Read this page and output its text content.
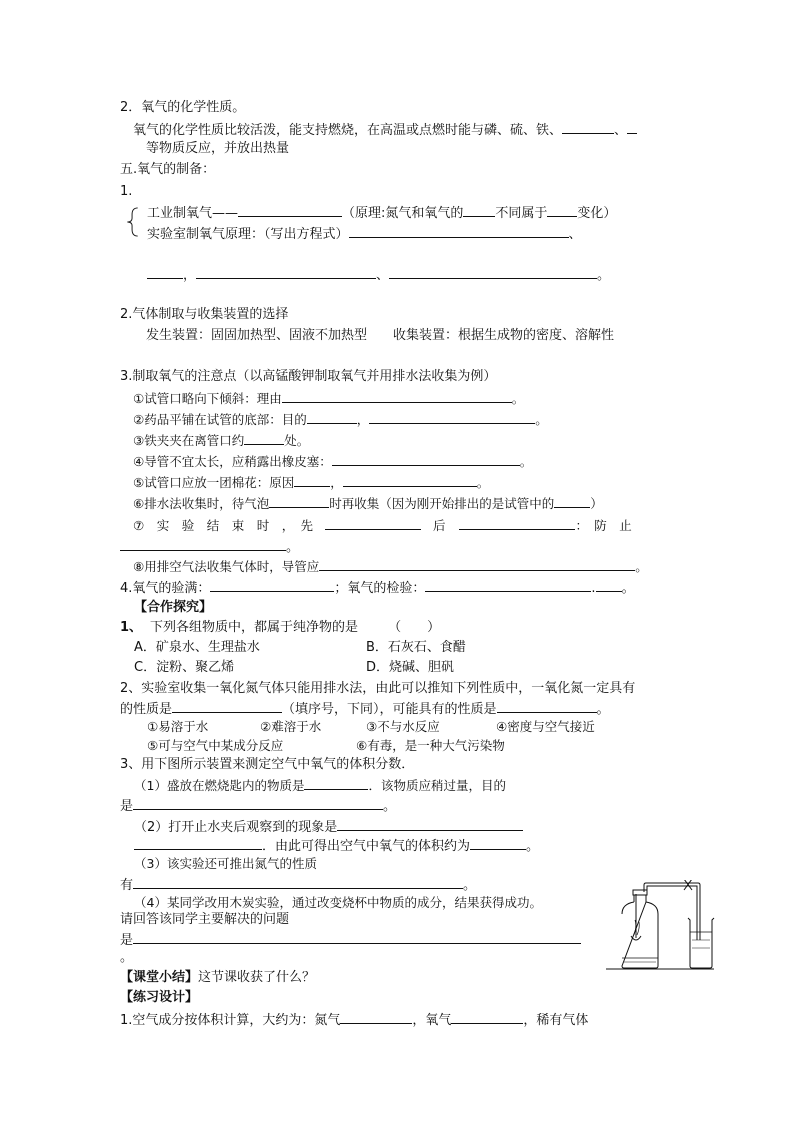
2．氧气的化学性质。
氧气的化学性质比较活泼，能支持燃烧，在高温或点燃时能与磷、硫、铁、	、
等物质反应，并放出热量
五.氧气的制备：
1.
工业制氧气——	（原理:氮气和氧气的 不同属于 变化）
实验室制氧气原理：（写出方程式）	、
，	、	。
2.气体制取与收集装置的选择
发生装置：固固加热型、固液不加热型　　收集装置：根据生成物的密度、溶解性
3.制取氧气的注意点（以高锰酸钾制取氧气并用排水法收集为例）
①试管口略向下倾斜：理由	。
②药品平铺在试管的底部：目的	，	。
③铁夹夹在离管口约	处。
④导管不宜太长，应稍露出橡皮塞：	。
⑤试管口应放一团棉花：原因	，	。
⑥排水法收集时，待气泡	时再收集（因为刚开始排出的是试管中的	）
⑦　实　验　结　束　时　，　先	后	：　防　止
。
⑧用排空气法收集气体时，导管应	。
4.氧气的验满：	；氧气的检验：	. 。
【合作探究】
1、 下列各组物质中，都属于纯净物的是 （　　）
A．矿泉水、生理盐水	B．石灰石、食醋
C．淀粉、聚乙烯	D．烧碱、胆矾
2、实验室收集一氧化氮气体只能用排水法，由此可以推知下列性质中，一氧化氮一定具有
的性质是	（填序号，下同），可能具有的性质是	。
①易溶于水	②难溶于水	③不与水反应	④密度与空气接近
⑤可与空气中某成分反应	⑥有毒，是一种大气污染物
3、用下图所示装置来测定空气中氧气的体积分数．
（1）盛放在燃烧匙内的物质是	．该物质应稍过量，目的
是	。
（2）打开止水夹后观察到的现象是
．由此可得出空气中氧气的体积约为	。
（3）该实验还可推出氮气的性质
有	。
（4）某同学改用木炭实验，通过改变烧杯中物质的成分，结果获得成功。
请回答该同学主要解决的问题
是
。
【课堂小结】这节课收获了什么？
【练习设计】
1.空气成分按体积计算，大约为：氮气	，氧气	，稀有气体
